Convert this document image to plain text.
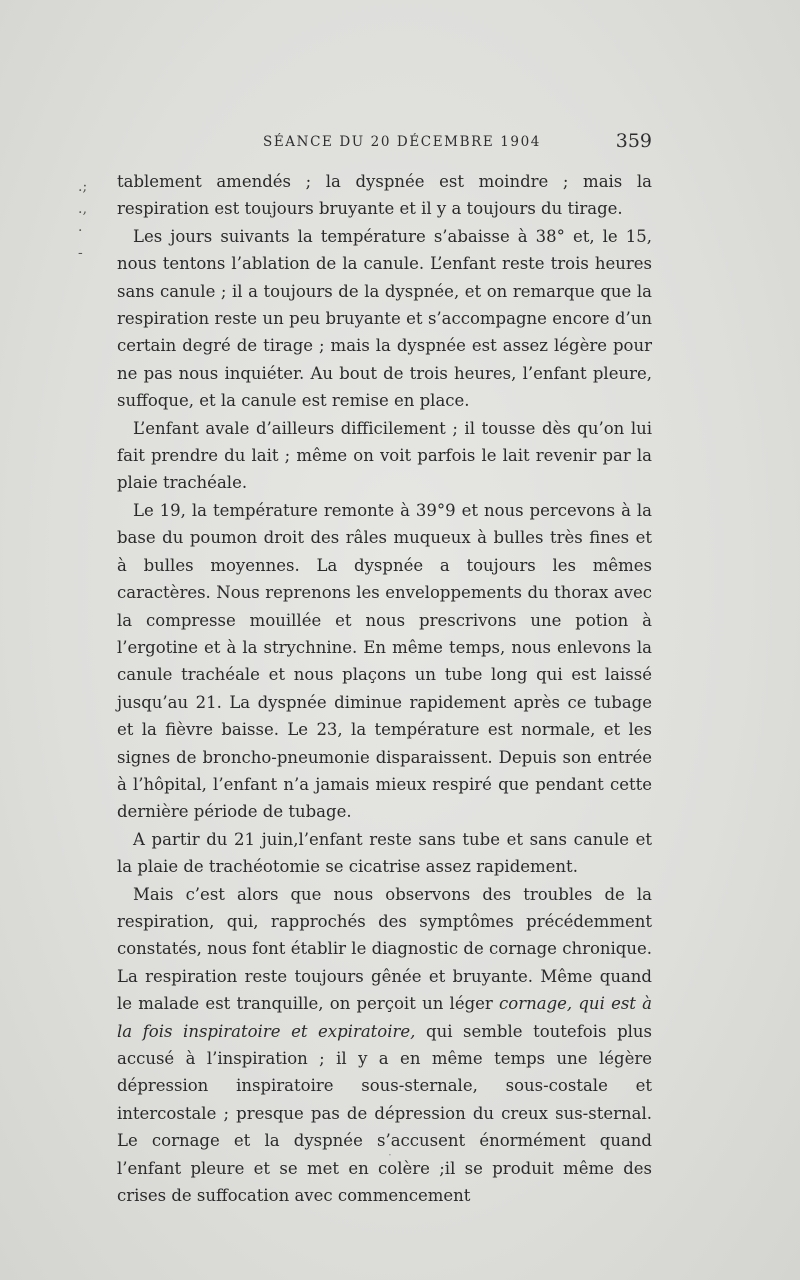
SÉANCE DU 20 DÉCEMBRE 1904	359
.;
.‚
·
-

tablement amendés ; la dyspnée est moindre ; mais la respiration est toujours bruyante et il y a toujours du tirage.

Les jours suivants la température s’abaisse à 38° et, le 15, nous tentons l’ablation de la canule. L’enfant reste trois heures sans canule ; il a toujours de la dyspnée, et on remarque que la respiration reste un peu bruyante et s’accompagne encore d’un certain degré de tirage ; mais la dyspnée est assez légère pour ne pas nous inquiéter. Au bout de trois heures, l’enfant pleure, suffoque, et la canule est remise en place.

L’enfant avale d’ailleurs difficilement ; il tousse dès qu’on lui fait prendre du lait ; même on voit parfois le lait revenir par la plaie trachéale.

Le 19, la température remonte à 39°9 et nous percevons à la base du poumon droit des râles muqueux à bulles très fines et à bulles moyennes. La dyspnée a toujours les mêmes caractères. Nous reprenons les enveloppements du thorax avec la compresse mouillée et nous prescrivons une potion à l’ergotine et à la strychnine. En même temps, nous enlevons la canule trachéale et nous plaçons un tube long qui est laissé jusqu’au 21. La dyspnée diminue rapidement après ce tubage et la fièvre baisse. Le 23, la température est normale, et les signes de broncho-pneumonie disparaissent. Depuis son entrée à l’hôpital, l’enfant n’a jamais mieux respiré que pendant cette dernière période de tubage.

A partir du 21 juin,l’enfant reste sans tube et sans canule et la plaie de trachéotomie se cicatrise assez rapidement.

Mais c’est alors que nous observons des troubles de la respiration, qui, rapprochés des symptômes précédemment constatés, nous font établir le diagnostic de cornage chronique. La respiration reste toujours gênée et bruyante. Même quand le malade est tranquille, on perçoit un léger cornage, qui est à la fois inspiratoire et expiratoire, qui semble toutefois plus accusé à l’inspiration ; il y a en même temps une légère dépression inspiratoire sous-sternale, sous-costale et intercostale ; presque pas de dépression du creux sus-sternal. Le cornage et la dyspnée s’accusent énormément quand l’enfant pleure et se met en colère ;il se produit même des crises de suffocation avec commencement

·
